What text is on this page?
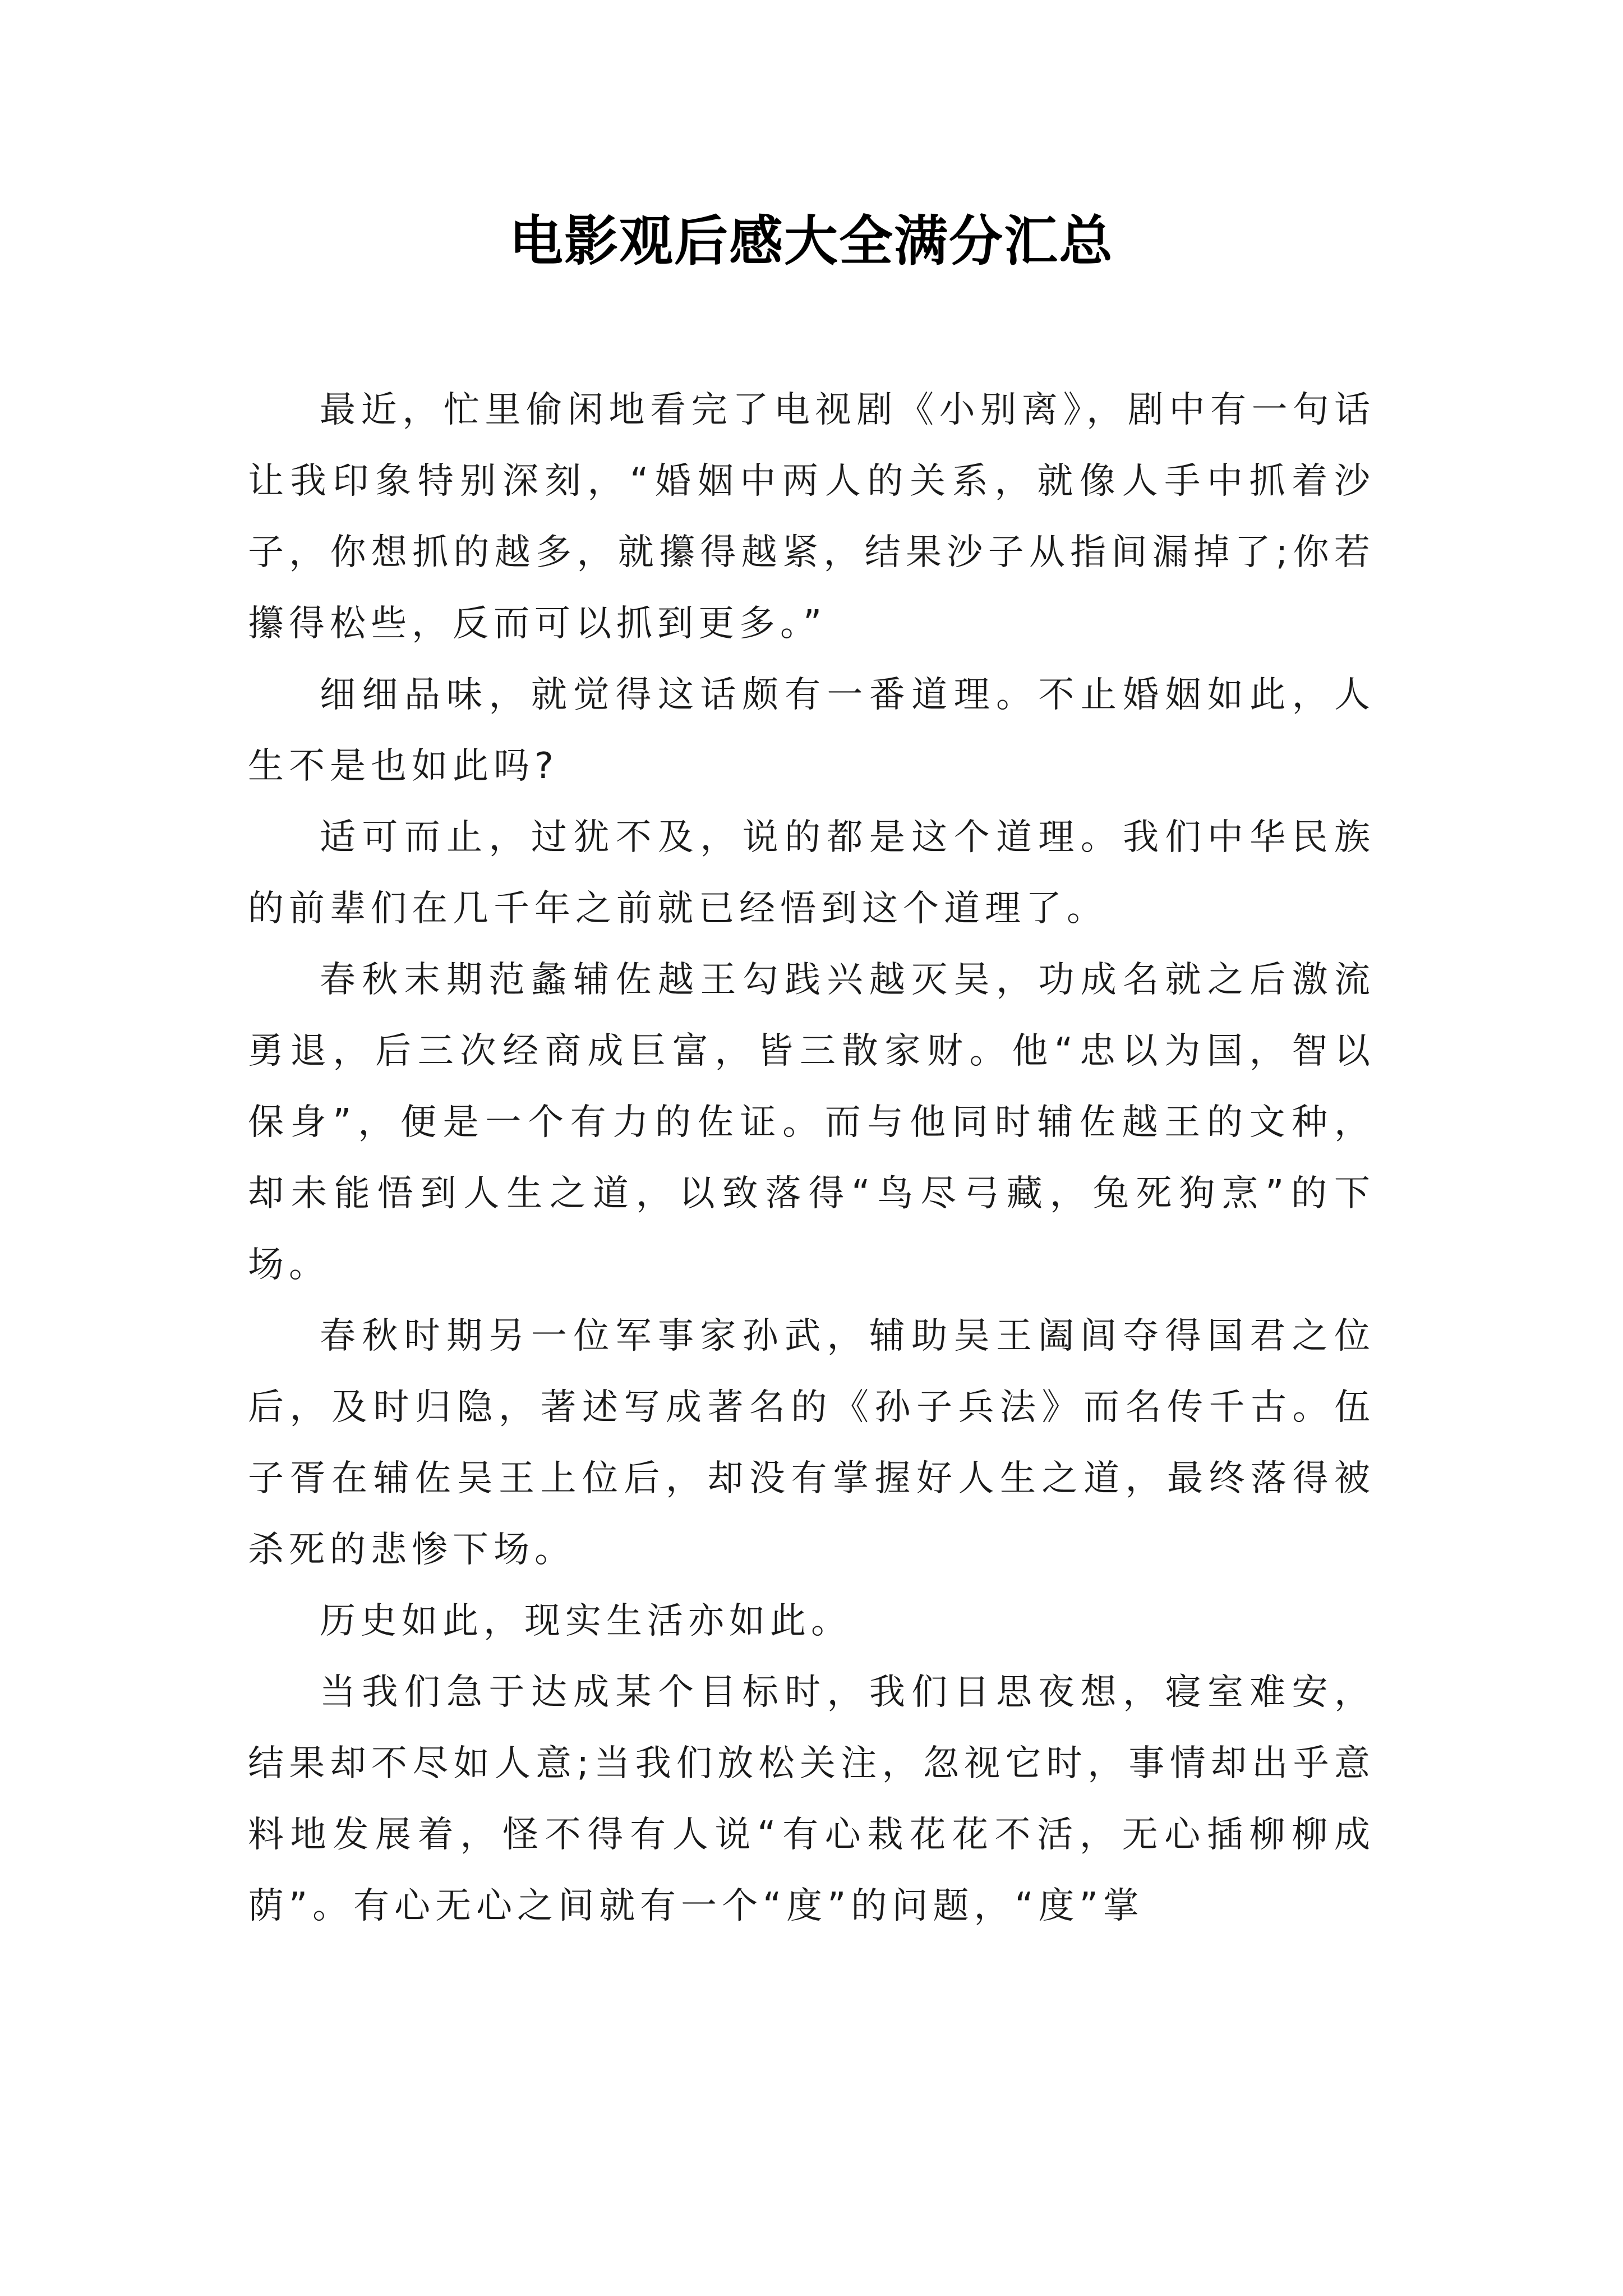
电影观后感大全满分汇总

最近，忙里偷闲地看完了电视剧《小别离》，剧中有一句话让我印象特别深刻，“婚姻中两人的关系，就像人手中抓着沙子，你想抓的越多，就攥得越紧，结果沙子从指间漏掉了;你若攥得松些，反而可以抓到更多。”

细细品味，就觉得这话颇有一番道理。不止婚姻如此，人生不是也如此吗?

适可而止，过犹不及，说的都是这个道理。我们中华民族的前辈们在几千年之前就已经悟到这个道理了。

春秋末期范蠡辅佐越王勾践兴越灭吴，功成名就之后激流勇退，后三次经商成巨富，皆三散家财。他“忠以为国，智以保身”，便是一个有力的佐证。而与他同时辅佐越王的文种，却未能悟到人生之道，以致落得“鸟尽弓藏，兔死狗烹”的下场。

春秋时期另一位军事家孙武，辅助吴王阖闾夺得国君之位后，及时归隐，著述写成著名的《孙子兵法》而名传千古。伍子胥在辅佐吴王上位后，却没有掌握好人生之道，最终落得被杀死的悲惨下场。

历史如此，现实生活亦如此。

当我们急于达成某个目标时，我们日思夜想，寝室难安，结果却不尽如人意;当我们放松关注，忽视它时，事情却出乎意料地发展着，怪不得有人说“有心栽花花不活，无心插柳柳成荫”。有心无心之间就有一个“度”的问题，“度”掌
